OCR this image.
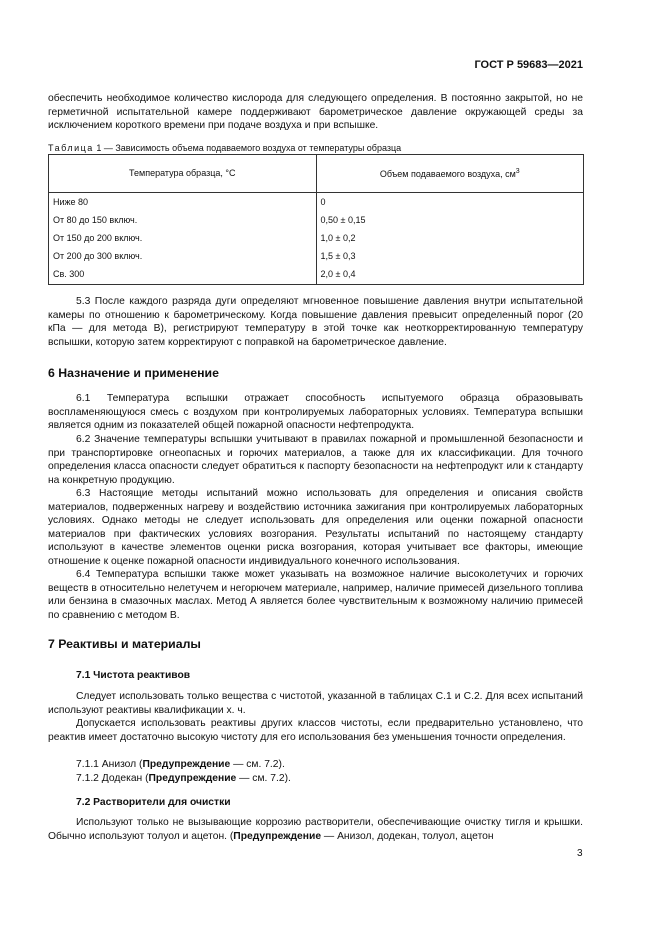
ГОСТ Р 59683—2021

обеспечить необходимое количество кислорода для следующего определения. В постоянно закрытой, но не герметичной испытательной камере поддерживают барометрическое давление окружающей среды за исключением короткого времени при подаче воздуха и при вспышке.

Таблица 1 — Зависимость объема подаваемого воздуха от температуры образца
Температура образца, °С	Объем подаваемого воздуха, $см^3$
Ниже 80	0
От 80 до 150 включ.	0,50 ± 0,15
От 150 до 200 включ.	1,0 ± 0,2
От 200 до 300 включ.	1,5 ± 0,3
Св. 300	2,0 ± 0,4

5.3 После каждого разряда дуги определяют мгновенное повышение давления внутри испытательной камеры по отношению к барометрическому. Когда повышение давления превысит определенный порог (20 кПа — для метода В), регистрируют температуру в этой точке как неоткорректированную температуру вспышки, которую затем корректируют с поправкой на барометрическое давление.

6 Назначение и применение

6.1 Температура вспышки отражает способность испытуемого образца образовывать воспламеняющуюся смесь с воздухом при контролируемых лабораторных условиях. Температура вспышки является одним из показателей общей пожарной опасности нефтепродукта.

6.2 Значение температуры вспышки учитывают в правилах пожарной и промышленной безопасности и при транспортировке огнеопасных и горючих материалов, а также для их классификации. Для точного определения класса опасности следует обратиться к паспорту безопасности на нефтепродукт или к стандарту на конкретную продукцию.

6.3 Настоящие методы испытаний можно использовать для определения и описания свойств материалов, подверженных нагреву и воздействию источника зажигания при контролируемых лабораторных условиях. Однако методы не следует использовать для определения или оценки пожарной опасности материалов при фактических условиях возгорания. Результаты испытаний по настоящему стандарту используют в качестве элементов оценки риска возгорания, которая учитывает все факторы, имеющие отношение к оценке пожарной опасности индивидуального конечного использования.

6.4 Температура вспышки также может указывать на возможное наличие высоколетучих и горючих веществ в относительно нелетучем и негорючем материале, например, наличие примесей дизельного топлива или бензина в смазочных маслах. Метод А является более чувствительным к возможному наличию примесей по сравнению с методом В.

7 Реактивы и материалы
7.1 Чистота реактивов

Следует использовать только вещества с чистотой, указанной в таблицах С.1 и С.2. Для всех испытаний используют реактивы квалификации х. ч.

Допускается использовать реактивы других классов чистоты, если предварительно установлено, что реактив имеет достаточно высокую чистоту для его использования без уменьшения точности определения.

7.1.1 Анизол (Предупреждение — см. 7.2).

7.1.2 Додекан (Предупреждение — см. 7.2).

7.2 Растворители для очистки

Используют только не вызывающие коррозию растворители, обеспечивающие очистку тигля и крышки. Обычно используют толуол и ацетон. (Предупреждение — Анизол, додекан, толуол, ацетон

3
